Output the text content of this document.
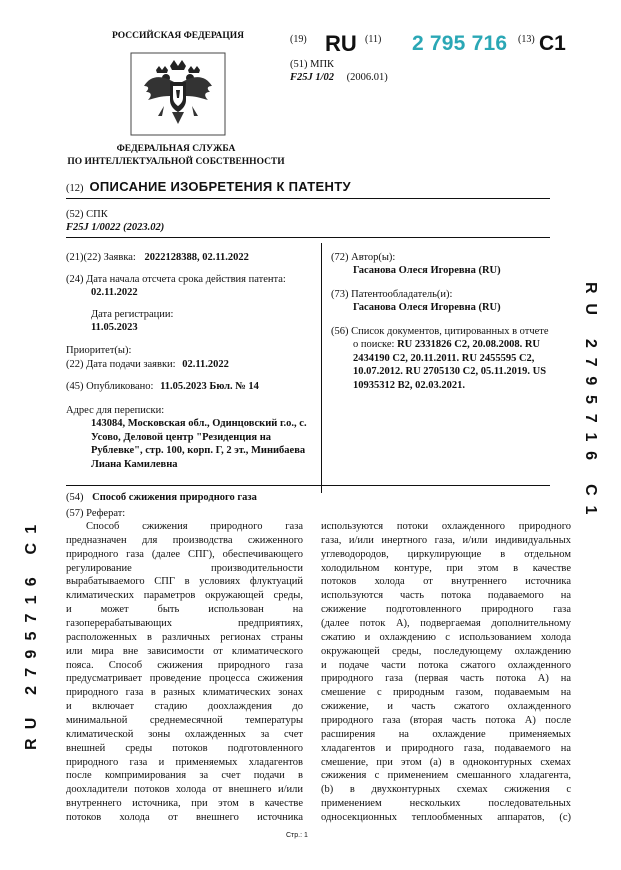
РОССИЙСКАЯ ФЕДЕРАЦИЯ
ФЕДЕРАЛЬНАЯ СЛУЖБА
ПО ИНТЕЛЛЕКТУАЛЬНОЙ СОБСТВЕННОСТИ
(19) RU (11) 2 795 716 (13) C1
(51) МПК
F25J 1/02 (2006.01)
(12) ОПИСАНИЕ ИЗОБРЕТЕНИЯ К ПАТЕНТУ
(52) СПК
F25J 1/0022 (2023.02)
(21)(22) Заявка: 2022128388, 02.11.2022
(24) Дата начала отсчета срока действия патента:
02.11.2022
Дата регистрации:
11.05.2023
Приоритет(ы):
(22) Дата подачи заявки: 02.11.2022
(45) Опубликовано: 11.05.2023 Бюл. № 14
Адрес для переписки:
143084, Московская обл., Одинцовский г.о., с.
Усово, Деловой центр "Резиденция на
Рублевке", стр. 100, корп. Г, 2 эт., Минибаева
Лиана Камилевна
(72) Автор(ы):
Гасанова Олеся Игоревна (RU)
(73) Патентообладатель(и):
Гасанова Олеся Игоревна (RU)
(56) Список документов, цитированных в отчете
о поиске: RU 2331826 C2, 20.08.2008. RU
2434190 C2, 20.11.2011. RU 2455595 C2,
10.07.2012. RU 2705130 C2, 05.11.2019. US
10935312 B2, 02.03.2021.
(54) Способ сжижения природного газа
(57) Реферат:
Способ сжижения природного газа
предназначен для производства сжиженного
природного газа (далее СПГ), обеспечивающего
регулирование производительности
вырабатываемого СПГ в условиях флуктуаций
климатических параметров окружающей среды,
и может быть использован на
газоперерабатывающих предприятиях,
расположенных в различных регионах страны
или мира вне зависимости от климатического
пояса. Способ сжижения природного газа
предусматривает проведение процесса сжижения
природного газа в разных климатических зонах
и включает стадию доохлаждения до
минимальной среднемесячной температуры
климатической зоны охлажденных за счет
внешней среды потоков подготовленного
природного газа и применяемых хладагентов
после компримирования за счет подачи в
доохладители потоков холода от внешнего и/или
внутреннего источника, при этом в качестве
потоков холода от внешнего источника
используются потоки охлажденного природного
газа, и/или инертного газа, и/или индивидуальных
углеводородов, циркулирующие в отдельном
холодильном контуре, при этом в качестве
потоков холода от внутреннего источника
используются часть потока подаваемого на
сжижение подготовленного природного газа
(далее поток А), подвергаемая дополнительному
сжатию и охлаждению с использованием холода
окружающей среды, последующему охлаждению
и подаче части потока сжатого охлажденного
природного газа (первая часть потока А) на
смешение с природным газом, подаваемым на
сжижение, и часть сжатого охлажденного
природного газа (вторая часть потока А) после
расширения на охлаждение применяемых
хладагентов и природного газа, подаваемого на
смешение, при этом (а) в одноконтурных схемах
сжижения с применением смешанного хладагента,
(b) в двухконтурных схемах сжижения с
применением нескольких последовательных
односекционных теплообменных аппаратов, (с)
RU 2795716 C1
RU 2795716 C1
Стр.: 1
